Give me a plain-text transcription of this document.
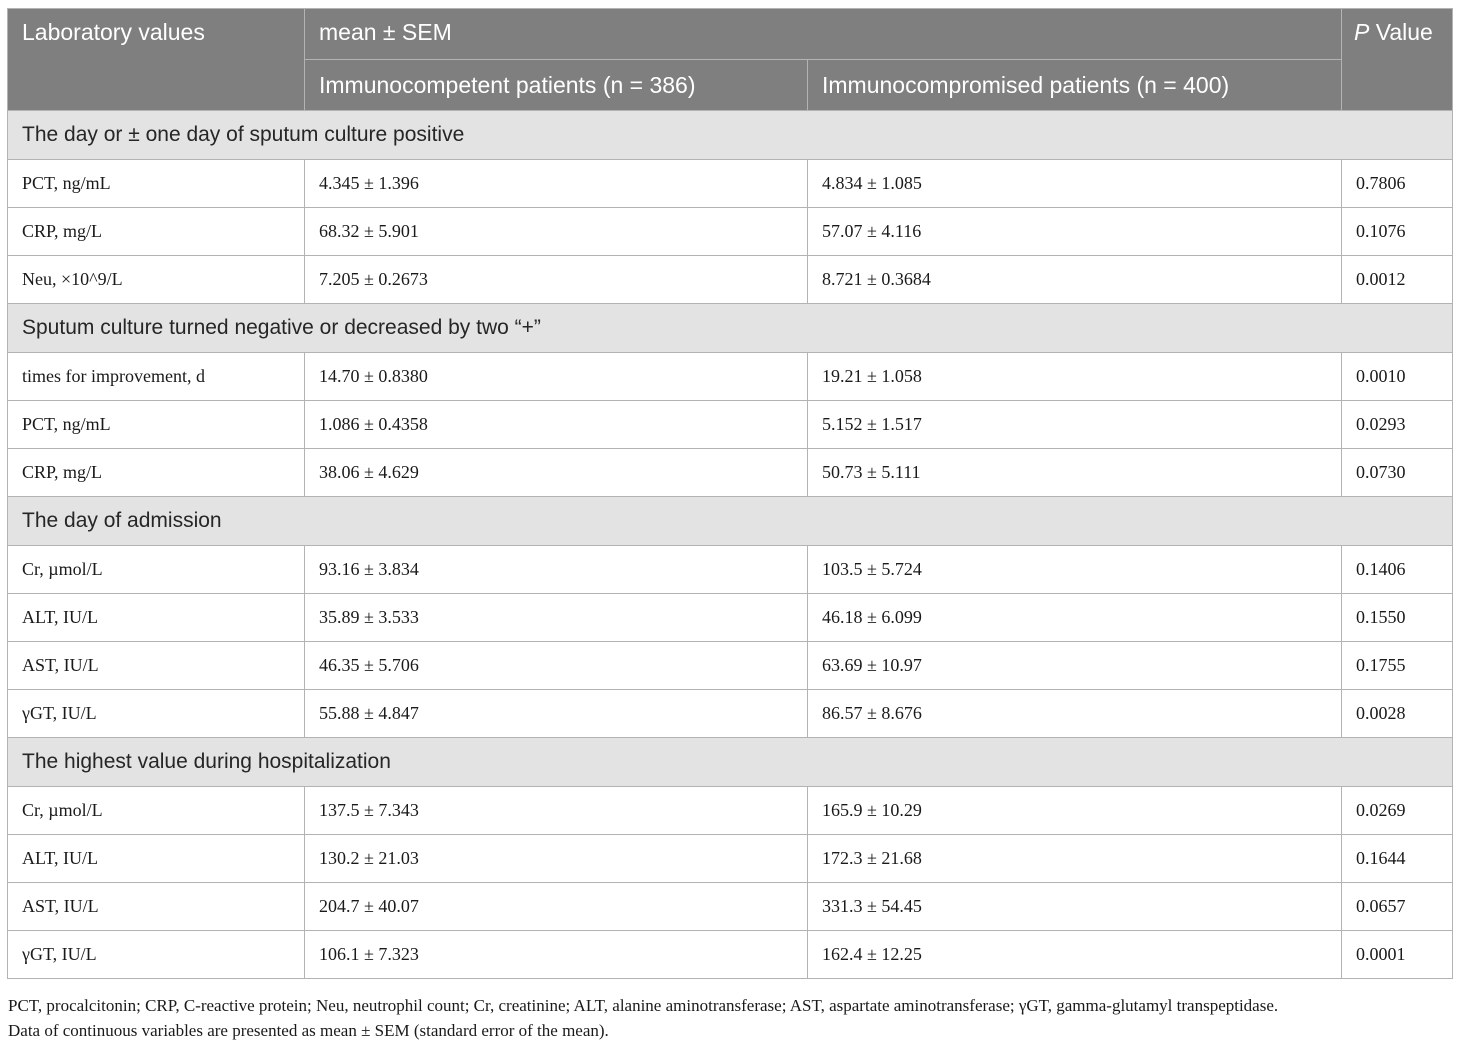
Laboratory values	mean ± SEM		P Value
	Immunocompetent patients (n = 386)	Immunocompromised patients (n = 400)	
The day or ± one day of sputum culture positive			
PCT, ng/mL	4.345 ± 1.396	4.834 ± 1.085	0.7806
CRP, mg/L	68.32 ± 5.901	57.07 ± 4.116	0.1076
Neu, ×10^9/L	7.205 ± 0.2673	8.721 ± 0.3684	0.0012
Sputum culture turned negative or decreased by two “+”			
times for improvement, d	14.70 ± 0.8380	19.21 ± 1.058	0.0010
PCT, ng/mL	1.086 ± 0.4358	5.152 ± 1.517	0.0293
CRP, mg/L	38.06 ± 4.629	50.73 ± 5.111	0.0730
The day of admission			
Cr, µmol/L	93.16 ± 3.834	103.5 ± 5.724	0.1406
ALT, IU/L	35.89 ± 3.533	46.18 ± 6.099	0.1550
AST, IU/L	46.35 ± 5.706	63.69 ± 10.97	0.1755
γGT, IU/L	55.88 ± 4.847	86.57 ± 8.676	0.0028
The highest value during hospitalization			
Cr, µmol/L	137.5 ± 7.343	165.9 ± 10.29	0.0269
ALT, IU/L	130.2 ± 21.03	172.3 ± 21.68	0.1644
AST, IU/L	204.7 ± 40.07	331.3 ± 54.45	0.0657
γGT, IU/L	106.1 ± 7.323	162.4 ± 12.25	0.0001
PCT, procalcitonin; CRP, C-reactive protein; Neu, neutrophil count; Cr, creatinine; ALT, alanine aminotransferase; AST, aspartate aminotransferase; γGT, gamma-glutamyl transpeptidase.
Data of continuous variables are presented as mean ± SEM (standard error of the mean).
